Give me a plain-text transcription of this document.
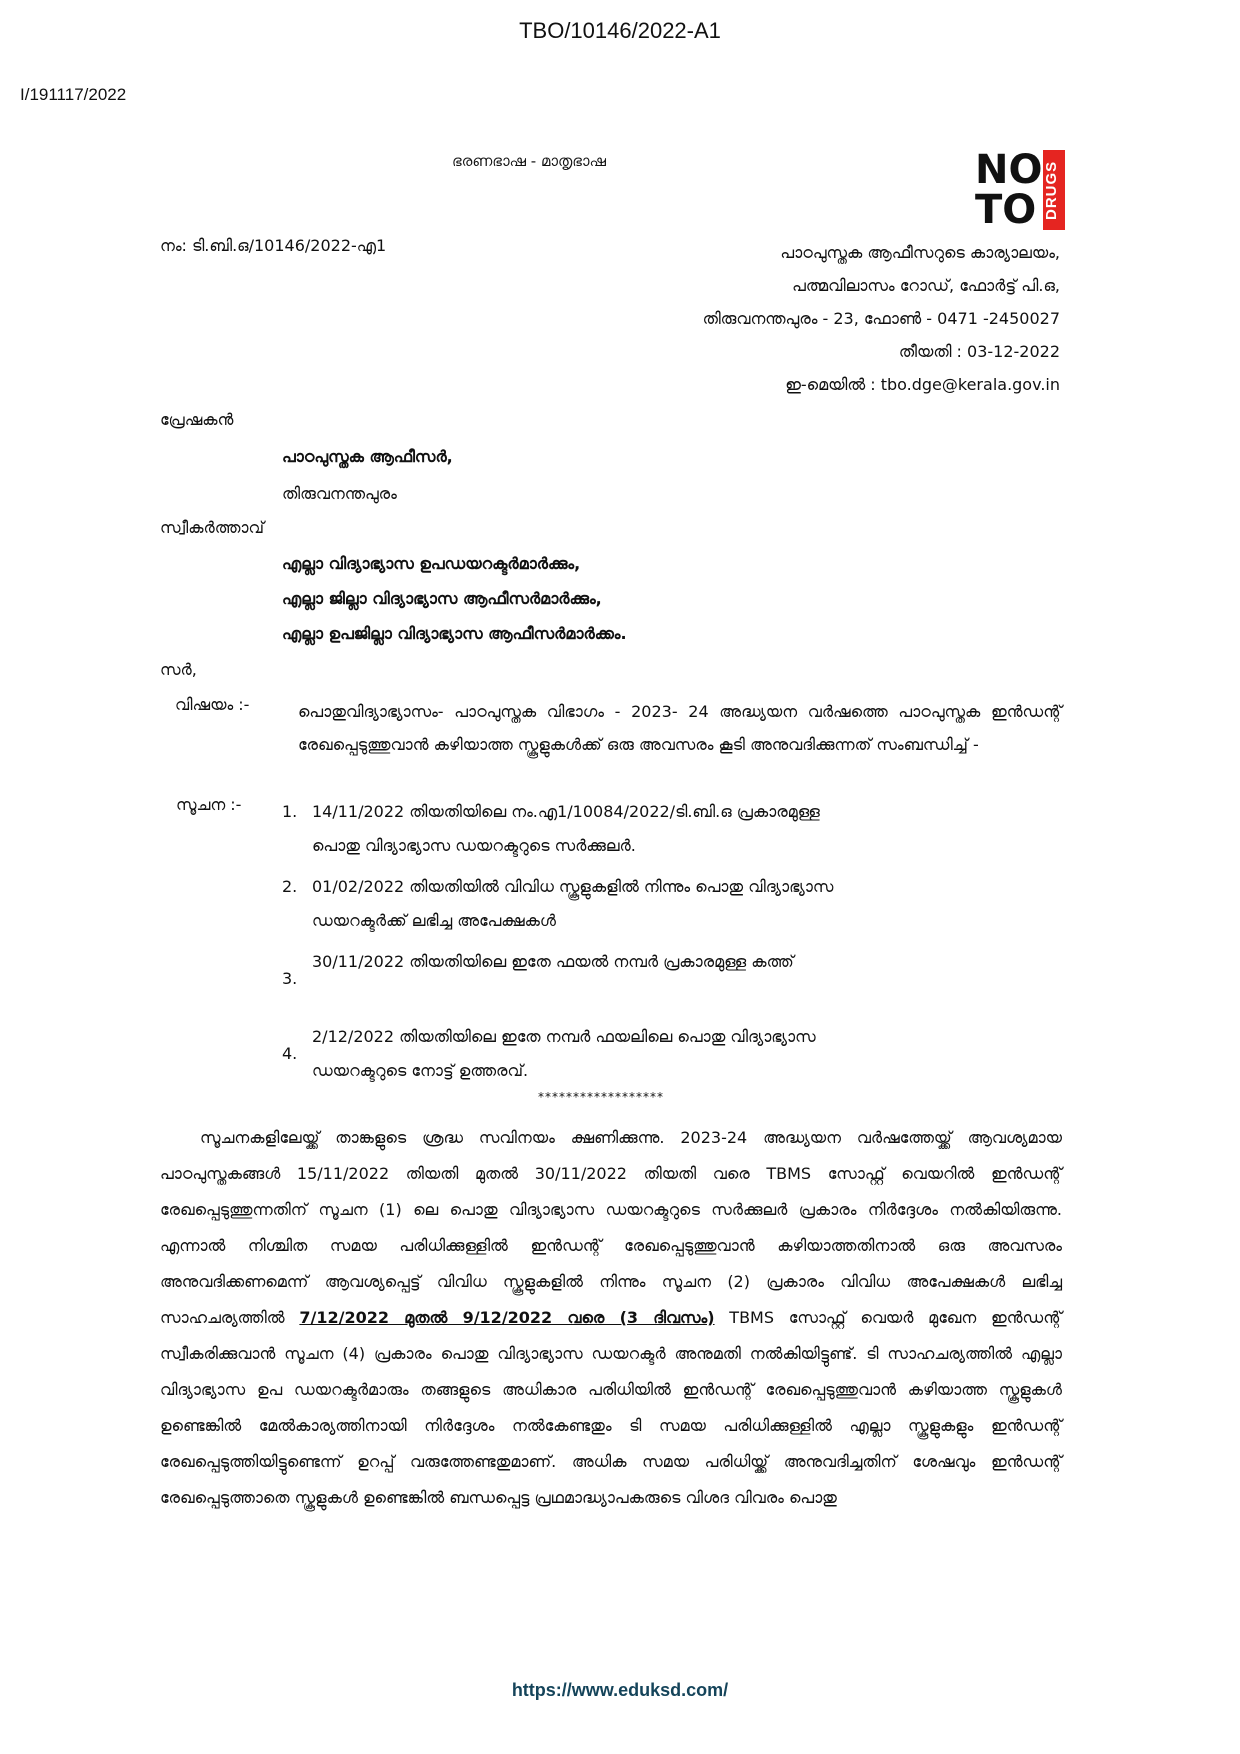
TBO/10146/2022-A1
I/191117/2022
ഭരണഭാഷ - മാതൃഭാഷ	NO
TO DRUGS
നം: ടി.ബി.ഒ/10146/2022-എ1	പാഠപുസ്തക ആഫീസറുടെ കാര്യാലയം,
പത്മവിലാസം റോഡ്, ഫോർട്ട് പി.ഒ,
തിരുവനന്തപുരം - 23, ഫോൺ - 0471 -2450027
തീയതി : 03-12-2022
ഇ-മെയിൽ : tbo.dge@kerala.gov.in
പ്രേഷകൻ
പാഠപുസ്തക ആഫീസർ,
തിരുവനന്തപുരം
സ്വീകർത്താവ്
എല്ലാ വിദ്യാഭ്യാസ ഉപഡയറക്ടർമാർക്കും,
എല്ലാ ജില്ലാ വിദ്യാഭ്യാസ ആഫീസർമാർക്കും,
എല്ലാ ഉപജില്ലാ വിദ്യാഭ്യാസ ആഫീസർമാർക്കം.
സർ,
വിഷയം :-	പൊതുവിദ്യാഭ്യാസം- പാഠപുസ്തക വിഭാഗം - 2023- 24 അദ്ധ്യയന വർഷത്തെ പാഠപുസ്തക ഇൻഡന്റ് രേഖപ്പെടുത്തുവാൻ കഴിയാത്ത സ്കൂളുകൾക്ക് ഒരു അവസരം കൂടി അനുവദിക്കുന്നത് സംബന്ധിച്ച് -
സൂചന :-	1. 14/11/2022 തിയതിയിലെ നം.എ1/10084/2022/ടി.ബി.ഒ പ്രകാരമുള്ള പൊതു വിദ്യാഭ്യാസ ഡയറക്ടറുടെ സർക്കുലർ.
2. 01/02/2022 തിയതിയിൽ വിവിധ സ്കൂളുകളിൽ നിന്നും പൊതു വിദ്യാഭ്യാസ ഡയറക്ടർക്ക് ലഭിച്ച അപേക്ഷകൾ
3.
30/11/2022 തിയതിയിലെ ഇതേ ഫയൽ നമ്പർ പ്രകാരമുള്ള കത്ത്
4.
2/12/2022 തിയതിയിലെ ഇതേ നമ്പർ ഫയലിലെ പൊതു വിദ്യാഭ്യാസ ഡയറക്ടറുടെ നോട്ട് ഉത്തരവ്.
******************
സൂചനകളിലേയ്ക്ക് താങ്കളുടെ ശ്രദ്ധ സവിനയം ക്ഷണിക്കുന്നു. 2023-24 അദ്ധ്യയന വർഷത്തേയ്ക്ക് ആവശ്യമായ പാഠപുസ്തകങ്ങൾ 15/11/2022 തിയതി മുതൽ 30/11/2022 തിയതി വരെ TBMS സോഫ്റ്റ് വെയറിൽ ഇൻഡന്റ് രേഖപ്പെടുത്തുന്നതിന് സൂചന (1) ലെ പൊതു വിദ്യാഭ്യാസ ഡയറക്ടറുടെ സർക്കുലർ പ്രകാരം നിർദ്ദേശം നൽകിയിരുന്നു. എന്നാൽ നിശ്ചിത സമയ പരിധിക്കുള്ളിൽ ഇൻഡന്റ് രേഖപ്പെടുത്തുവാൻ കഴിയാത്തതിനാൽ ഒരു അവസരം അനുവദിക്കണമെന്ന് ആവശ്യപ്പെട്ട് വിവിധ സ്കൂളുകളിൽ നിന്നും സൂചന (2) പ്രകാരം വിവിധ അപേക്ഷകൾ ലഭിച്ച സാഹചര്യത്തിൽ 7/12/2022 മുതൽ 9/12/2022 വരെ (3 ദിവസം) TBMS സോഫ്റ്റ് വെയർ മുഖേന ഇൻഡന്റ് സ്വീകരിക്കുവാൻ സൂചന (4) പ്രകാരം പൊതു വിദ്യാഭ്യാസ ഡയറക്ടർ അനുമതി നൽകിയിട്ടുണ്ട്. ടി സാഹചര്യത്തിൽ എല്ലാ വിദ്യാഭ്യാസ ഉപ ഡയറക്ടർമാരും തങ്ങളുടെ അധികാര പരിധിയിൽ ഇൻഡന്റ് രേഖപ്പെടുത്തുവാൻ കഴിയാത്ത സ്കൂളുകൾ ഉണ്ടെങ്കിൽ മേൽകാര്യത്തിനായി നിർദ്ദേശം നൽകേണ്ടതും ടി സമയ പരിധിക്കുള്ളിൽ എല്ലാ സ്കൂളുകളും ഇൻഡന്റ് രേഖപ്പെടുത്തിയിട്ടുണ്ടെന്ന് ഉറപ്പ് വരുത്തേണ്ടതുമാണ്. അധിക സമയ പരിധിയ്ക്ക് അനുവദിച്ചതിന് ശേഷവും ഇൻഡന്റ് രേഖപ്പെടുത്താതെ സ്കൂളുകൾ ഉണ്ടെങ്കിൽ ബന്ധപ്പെട്ട പ്രഥമാദ്ധ്യാപകരുടെ വിശദ വിവരം പൊതു
https://www.eduksd.com/
